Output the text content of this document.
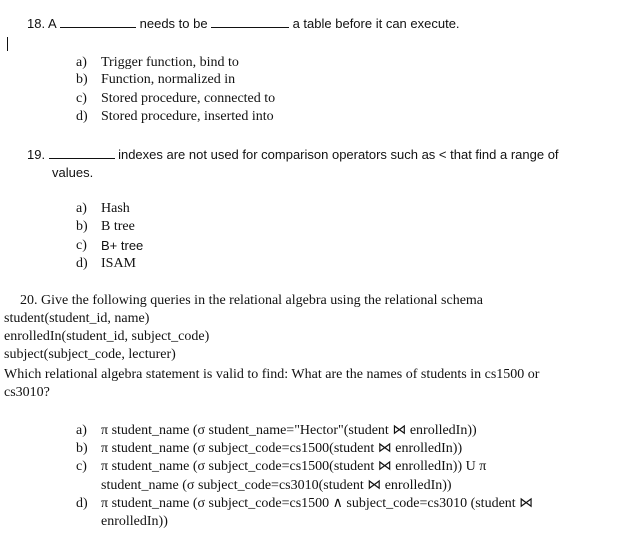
18. A	needs to be	a table before it can execute.
a) Trigger function, bind to
b) Function, normalized in
c) Stored procedure, connected to
d) Stored procedure, inserted into
19.	indexes are not used for comparison operators such as < that find a range of
values.
a) Hash
b) B tree
c) B+ tree
d) ISAM
20. Give the following queries in the relational algebra using the relational schema
student(student_id, name)
enrolledIn(student_id, subject_code)
subject(subject_code, lecturer)
Which relational algebra statement is valid to find: What are the names of students in cs1500 or
cs3010?
a) π student_name (σ student_name="Hector"(student ⋈ enrolledIn))
b) π student_name (σ subject_code=cs1500(student ⋈ enrolledIn))
c) π student_name (σ subject_code=cs1500(student ⋈ enrolledIn)) U π
student_name (σ subject_code=cs3010(student ⋈ enrolledIn))
d) π student_name (σ subject_code=cs1500 ∧ subject_code=cs3010 (student ⋈
enrolledIn))
